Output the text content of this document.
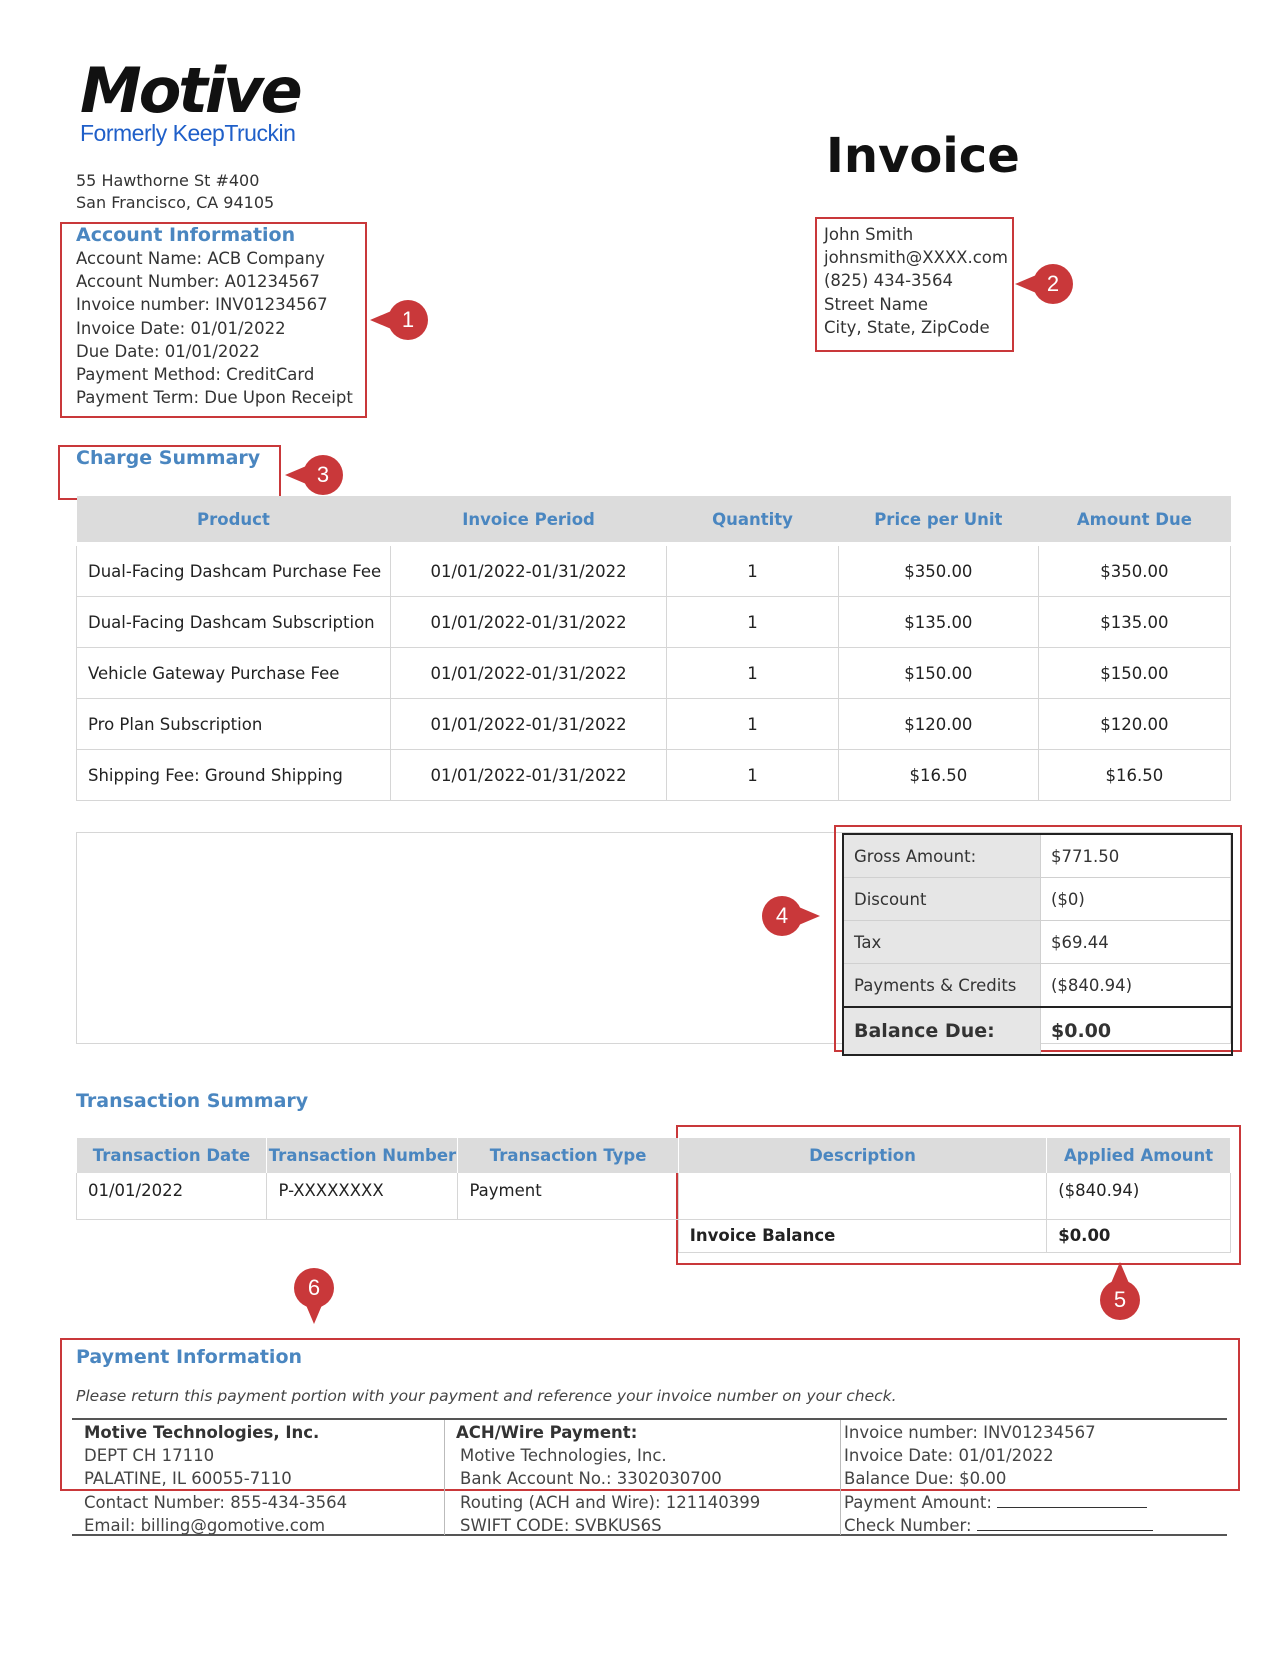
Motive
Formerly KeepTruckin
55 Hawthorne St #400
San Francisco, CA 94105
Invoice
Account Information
Account Name: ACB Company
Account Number: A01234567
Invoice number: INV01234567
Invoice Date: 01/01/2022
Due Date: 01/01/2022
Payment Method: CreditCard
Payment Term: Due Upon Receipt
1
John Smith
johnsmith@XXXX.com
(825) 434-3564
Street Name
City, State, ZipCode
2
Charge Summary
3
Product	Invoice Period	Quantity	Price per Unit	Amount Due
Dual-Facing Dashcam Purchase Fee	01/01/2022-01/31/2022	1	$350.00	$350.00
Dual-Facing Dashcam Subscription	01/01/2022-01/31/2022	1	$135.00	$135.00
Vehicle Gateway Purchase Fee	01/01/2022-01/31/2022	1	$150.00	$150.00
Pro Plan Subscription	01/01/2022-01/31/2022	1	$120.00	$120.00
Shipping Fee: Ground Shipping	01/01/2022-01/31/2022	1	$16.50	$16.50
Gross Amount:	$771.50
Discount	($0)
Tax	$69.44
Payments & Credits	($840.94)
Balance Due:	$0.00
4
Transaction Summary
Transaction Date	Transaction Number	Transaction Type	Description	Applied Amount
01/01/2022	P-XXXXXXXX	Payment		($840.94)
			Invoice Balance	$0.00
5
6
Payment Information
Please return this payment portion with your payment and reference your invoice number on your check.
Motive Technologies, Inc.
DEPT CH 17110
PALATINE, IL 60055-7110
Contact Number: 855-434-3564
Email: billing@gomotive.com
ACH/Wire Payment:
Motive Technologies, Inc.
Bank Account No.: 3302030700
Routing (ACH and Wire): 121140399
SWIFT CODE: SVBKUS6S
Invoice number: INV01234567
Invoice Date: 01/01/2022
Balance Due: $0.00
Payment Amount:
Check Number:
